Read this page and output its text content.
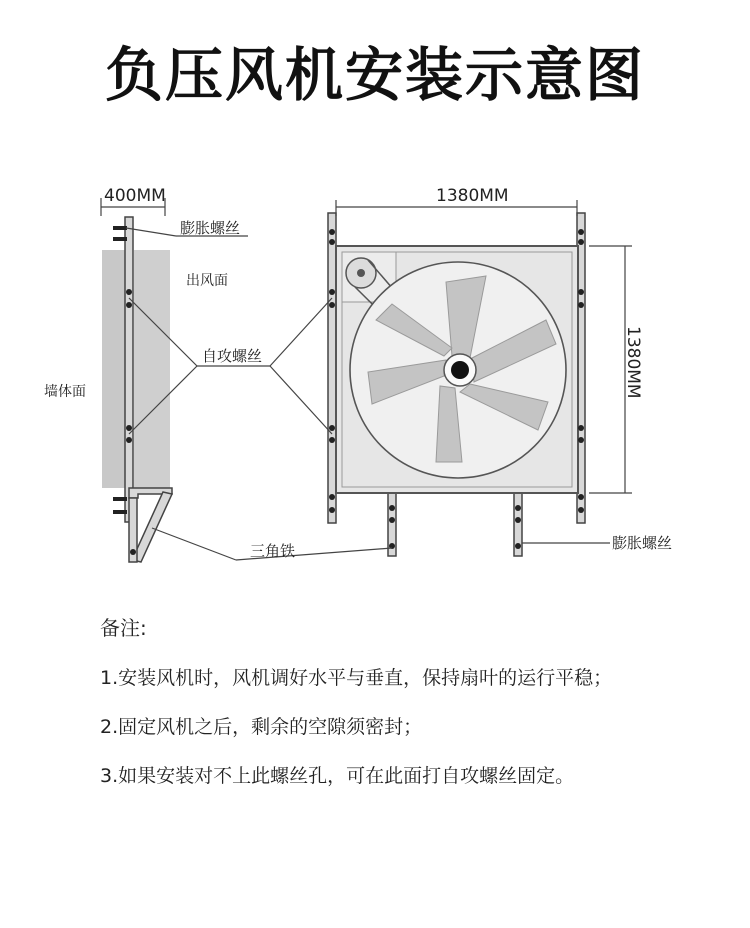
负压风机安装示意图
400MM	1380MM
1380MM
膨胀螺丝
出风面
自攻螺丝
墙体面
三角铁	膨胀螺丝
备注:
1.安装风机时，风机调好水平与垂直，保持扇叶的运行平稳；
2.固定风机之后，剩余的空隙须密封；
3.如果安装对不上此螺丝孔，可在此面打自攻螺丝固定。
